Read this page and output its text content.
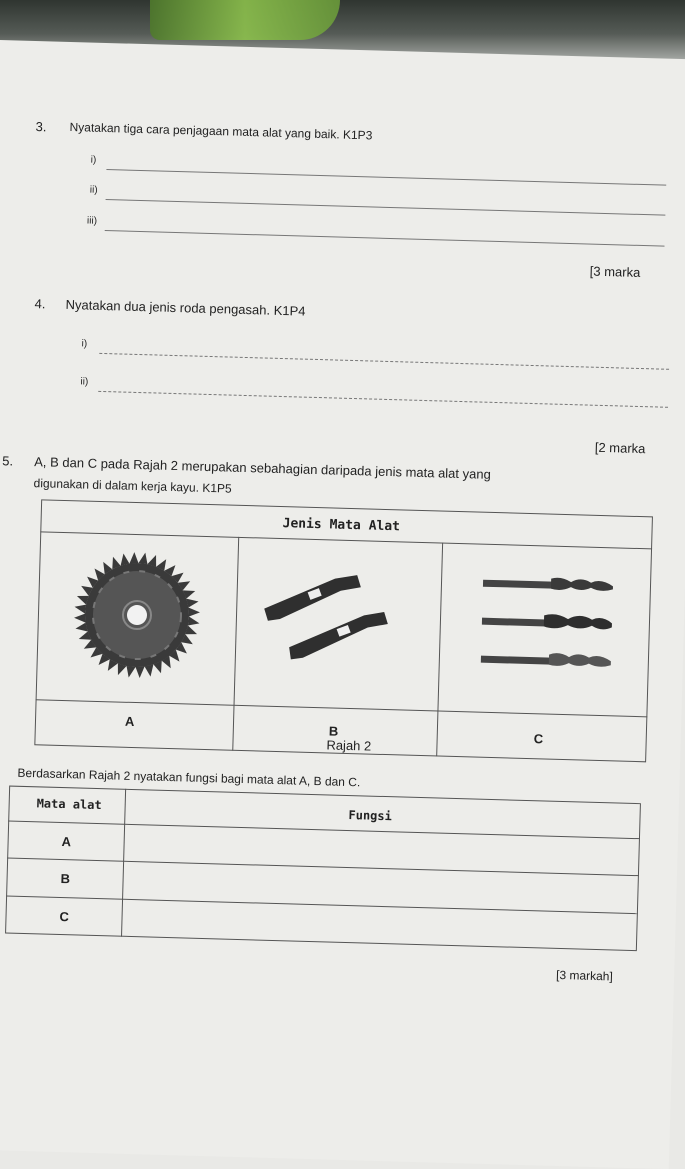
3. Nyatakan tiga cara penjagaan mata alat yang baik. K1P3
i)
ii)
iii)
[3 marka
4. Nyatakan dua jenis roda pengasah. K1P4
i)
ii)
[2 marka
5. A, B dan C pada Rajah 2 merupakan sebahagian daripada jenis mata alat yang
digunakan di dalam kerja kayu. K1P5
Jenis Mata Alat
A
B
C
Rajah 2
Berdasarkan Rajah 2 nyatakan fungsi bagi mata alat A, B dan C.
Mata alat
Fungsi
A
B
C
[3 markah]
